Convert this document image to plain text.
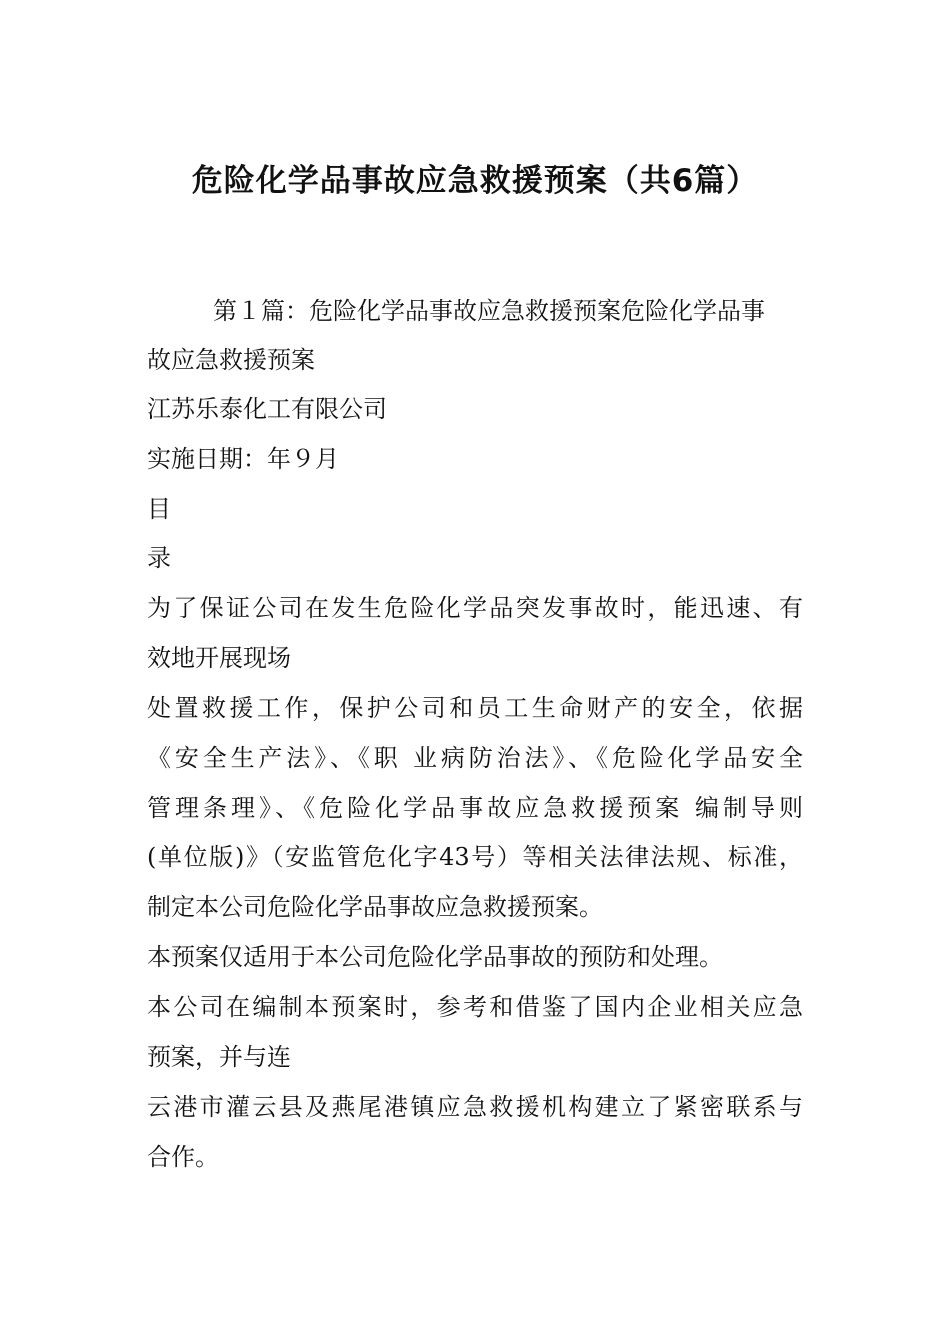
危险化学品事故应急救援预案（共6篇）
第１篇：危险化学品事故应急救援预案危险化学品事
故应急救援预案
江苏乐泰化工有限公司
实施日期：年９月
目
录
为了保证公司在发生危险化学品突发事故时，能迅速、有
效地开展现场
处置救援工作，保护公司和员工生命财产的安全，依据
《安全生产法》、《职 业病防治法》、《危险化学品安全
管理条理》、《危险化学品事故应急救援预案 编制导则
(单位版)》（安监管危化字43号）等相关法律法规、标准，
制定本公司危险化学品事故应急救援预案。
本预案仅适用于本公司危险化学品事故的预防和处理。
本公司在编制本预案时，参考和借鉴了国内企业相关应急
预案，并与连
云港市灌云县及燕尾港镇应急救援机构建立了紧密联系与
合作。
